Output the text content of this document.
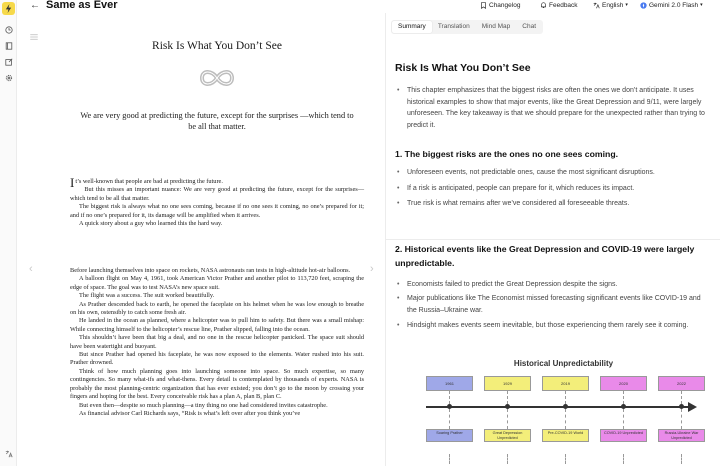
← Same as Ever	Changelog	Feedback	English ▾	Gemini 2.0 Flash ▾
Risk Is What You Don’t See
We are very good at predicting the future, except for the surprises —which tend to be all that matter.

It’s well-known that people are bad at predicting the future.

But this misses an important nuance: We are very good at predicting the future, except for the surprises—which tend to be all that matter.

The biggest risk is always what no one sees coming, because if no one sees it coming, no one’s prepared for it; and if no one’s prepared for it, its damage will be amplified when it arrives.

A quick story about a guy who learned this the hard way.

Before launching themselves into space on rockets, NASA astronauts ran tests in high-altitude hot-air balloons.

A balloon flight on May 4, 1961, took American Victor Prather and another pilot to 113,720 feet, scraping the edge of space. The goal was to test NASA’s new space suit.

The flight was a success. The suit worked beautifully.

As Prather descended back to earth, he opened the faceplate on his helmet when he was low enough to breathe on his own, ostensibly to catch some fresh air.

He landed in the ocean as planned, where a helicopter was to pull him to safety. But there was a small mishap: While connecting himself to the helicopter’s rescue line, Prather slipped, falling into the ocean.

This shouldn’t have been that big a deal, and no one in the rescue helicopter panicked. The space suit should have been watertight and buoyant.

But since Prather had opened his faceplate, he was now exposed to the elements. Water rushed into his suit. Prather drowned.

Think of how much planning goes into launching someone into space. So much expertise, so many contingencies. So many what-ifs and what-thens. Every detail is contemplated by thousands of experts. NASA is probably the most planning-centric organization that has ever existed; you don’t go to the moon by crossing your fingers and hoping for the best. Every conceivable risk has a plan A, plan B, plan C.

But even then—despite so much planning—a tiny thing no one had considered invites catastrophe.

As financial advisor Carl Richards says, “Risk is what’s left over after you think you’ve

‹	›
Summary	Translation	Mind Map	Chat
Risk Is What You Don’t See
• This chapter emphasizes that the biggest risks are often the ones we don’t anticipate. It uses historical examples to show that major events, like the Great Depression and 9/11, were largely unforeseen. The key takeaway is that we should prepare for the unexpected rather than trying to predict it.
1. The biggest risks are the ones no one sees coming.
• Unforeseen events, not predictable ones, cause the most significant disruptions.
• If a risk is anticipated, people can prepare for it, which reduces its impact.
• True risk is what remains after we’ve considered all foreseeable threats.
2. Historical events like the Great Depression and COVID-19 were largely unpredictable.
• Economists failed to predict the Great Depression despite the signs.
• Major publications like The Economist missed forecasting significant events like COVID-19 and the Russia–Ukraine war.
• Hindsight makes events seem inevitable, but those experiencing them rarely see it coming.
Historical Unpredictability
1961
Soaring Prather
1929
Great Depression Unpredicted
2019
Pre-COVID-19 World
2020
COVID-19 Unpredicted
2022
Russia-Ukraine War Unpredicted
